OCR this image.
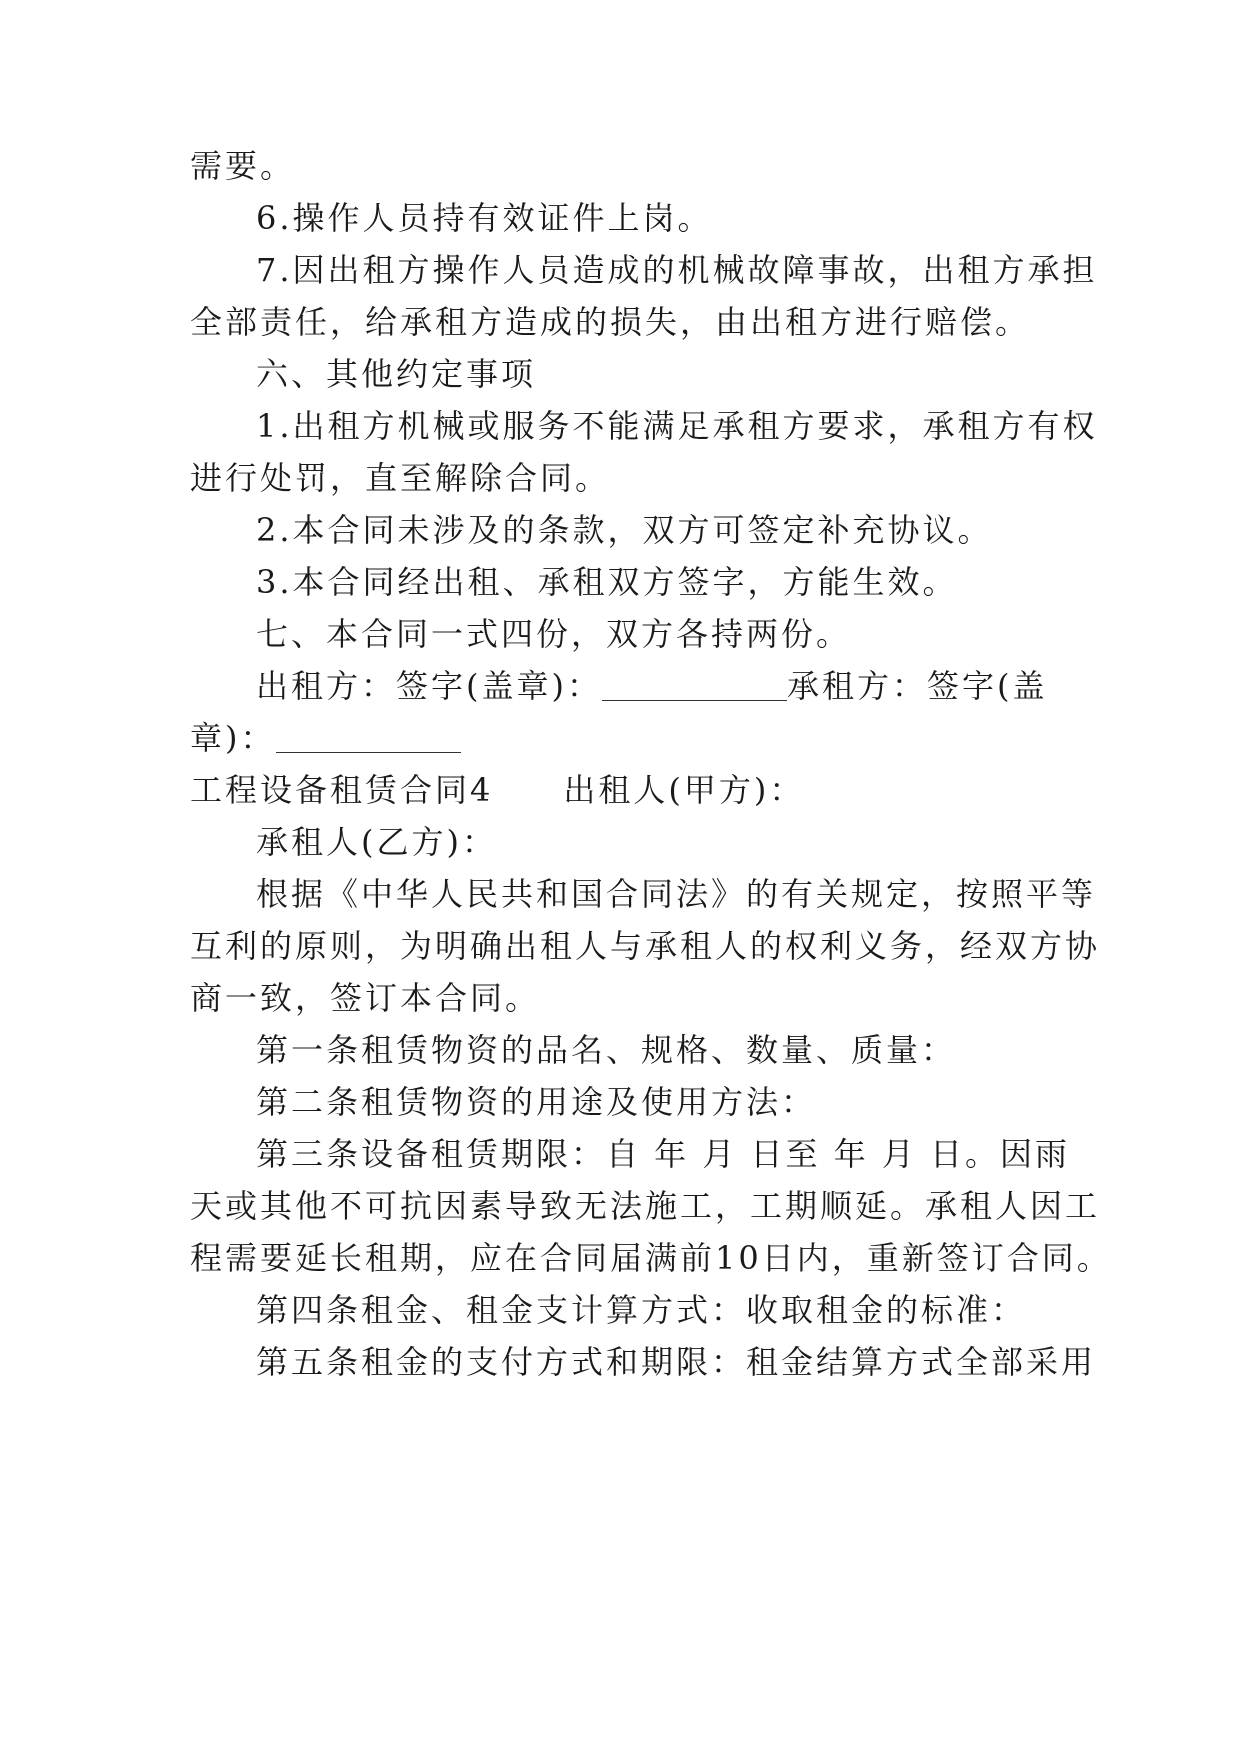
需要。
6.操作人员持有效证件上岗。
7.因出租方操作人员造成的机械故障事故，出租方承担
全部责任，给承租方造成的损失，由出租方进行赔偿。
六、其他约定事项
1.出租方机械或服务不能满足承租方要求，承租方有权
进行处罚，直至解除合同。
2.本合同未涉及的条款，双方可签定补充协议。
3.本合同经出租、承租双方签字，方能生效。
七、本合同一式四份，双方各持两份。
出租方：签字(盖章)：	承租方：签字(盖
章)：
工程设备租赁合同4 出租人(甲方)：
承租人(乙方)：
根据《中华人民共和国合同法》的有关规定，按照平等
互利的原则，为明确出租人与承租人的权利义务，经双方协
商一致，签订本合同。
第一条租赁物资的品名、规格、数量、质量：
第二条租赁物资的用途及使用方法：
第三条设备租赁期限：自 年 月 日至 年 月 日。因雨
天或其他不可抗因素导致无法施工，工期顺延。承租人因工
程需要延长租期，应在合同届满前10日内，重新签订合同。
第四条租金、租金支计算方式：收取租金的标准：
第五条租金的支付方式和期限：租金结算方式全部采用
